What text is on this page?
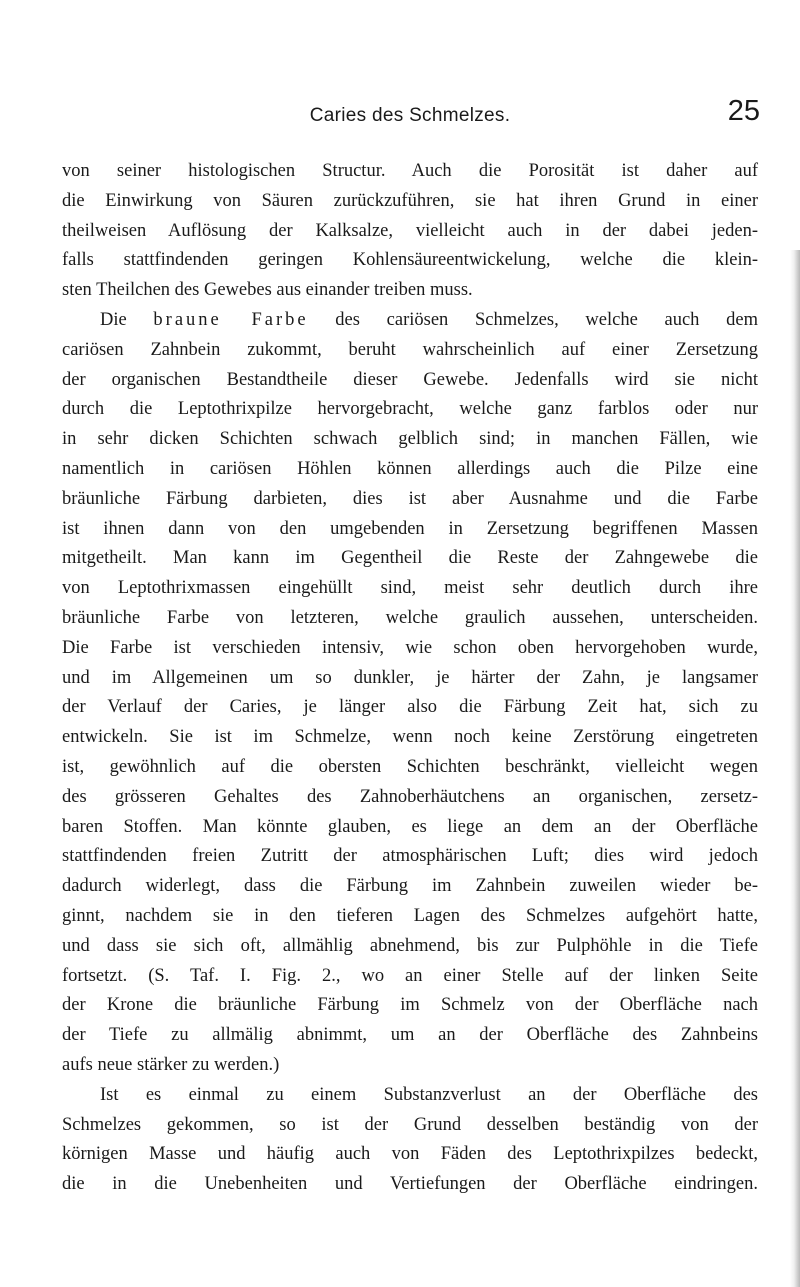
Caries des Schmelzes.	25
von seiner histologischen Structur. Auch die Porosität ist daher auf
die Einwirkung von Säuren zurückzuführen, sie hat ihren Grund in einer
theilweisen Auflösung der Kalksalze, vielleicht auch in der dabei jeden-
falls stattfindenden geringen Kohlensäureentwickelung, welche die klein-
sten Theilchen des Gewebes aus einander treiben muss.
Die braune Farbe des cariösen Schmelzes, welche auch dem
cariösen Zahnbein zukommt, beruht wahrscheinlich auf einer Zersetzung
der organischen Bestandtheile dieser Gewebe. Jedenfalls wird sie nicht
durch die Leptothrixpilze hervorgebracht, welche ganz farblos oder nur
in sehr dicken Schichten schwach gelblich sind; in manchen Fällen, wie
namentlich in cariösen Höhlen können allerdings auch die Pilze eine
bräunliche Färbung darbieten, dies ist aber Ausnahme und die Farbe
ist ihnen dann von den umgebenden in Zersetzung begriffenen Massen
mitgetheilt. Man kann im Gegentheil die Reste der Zahngewebe die
von Leptothrixmassen eingehüllt sind, meist sehr deutlich durch ihre
bräunliche Farbe von letzteren, welche graulich aussehen, unterscheiden.
Die Farbe ist verschieden intensiv, wie schon oben hervorgehoben wurde,
und im Allgemeinen um so dunkler, je härter der Zahn, je langsamer
der Verlauf der Caries, je länger also die Färbung Zeit hat, sich zu
entwickeln. Sie ist im Schmelze, wenn noch keine Zerstörung eingetreten
ist, gewöhnlich auf die obersten Schichten beschränkt, vielleicht wegen
des grösseren Gehaltes des Zahnoberhäutchens an organischen, zersetz-
baren Stoffen. Man könnte glauben, es liege an dem an der Oberfläche
stattfindenden freien Zutritt der atmosphärischen Luft; dies wird jedoch
dadurch widerlegt, dass die Färbung im Zahnbein zuweilen wieder be-
ginnt, nachdem sie in den tieferen Lagen des Schmelzes aufgehört hatte,
und dass sie sich oft, allmählig abnehmend, bis zur Pulphöhle in die Tiefe
fortsetzt. (S. Taf. I. Fig. 2., wo an einer Stelle auf der linken Seite
der Krone die bräunliche Färbung im Schmelz von der Oberfläche nach
der Tiefe zu allmälig abnimmt, um an der Oberfläche des Zahnbeins
aufs neue stärker zu werden.)
Ist es einmal zu einem Substanzverlust an der Oberfläche des
Schmelzes gekommen, so ist der Grund desselben beständig von der
körnigen Masse und häufig auch von Fäden des Leptothrixpilzes bedeckt,
die in die Unebenheiten und Vertiefungen der Oberfläche eindringen.
